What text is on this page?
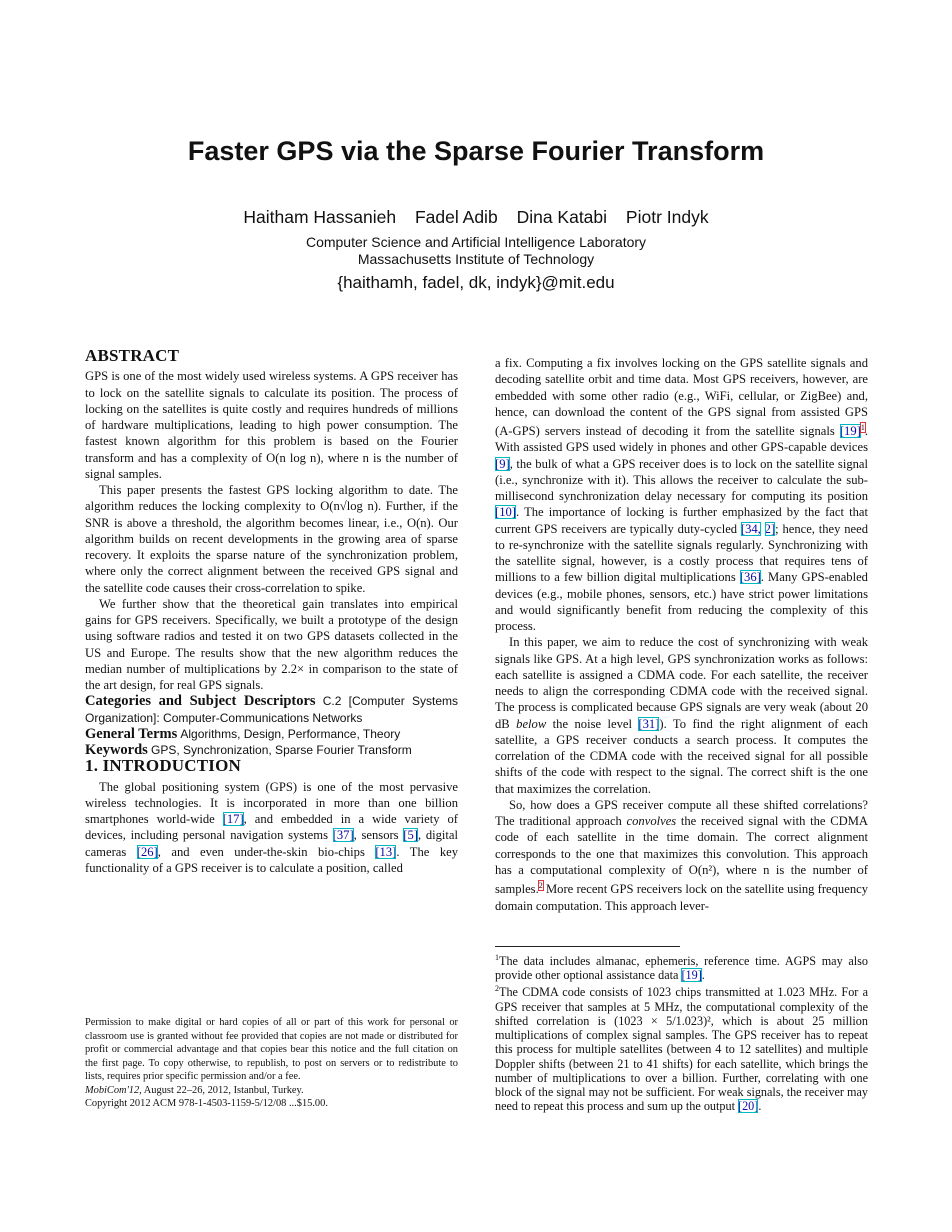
Faster GPS via the Sparse Fourier Transform
Haitham Hassanieh Fadel Adib Dina Katabi Piotr Indyk
Computer Science and Artificial Intelligence Laboratory
Massachusetts Institute of Technology
{haithamh, fadel, dk, indyk}@mit.edu
ABSTRACT

GPS is one of the most widely used wireless systems. A GPS receiver has to lock on the satellite signals to calculate its position. The process of locking on the satellites is quite costly and requires hundreds of millions of hardware multiplications, leading to high power consumption. The fastest known algorithm for this problem is based on the Fourier transform and has a complexity of O(n log n), where n is the number of signal samples.

This paper presents the fastest GPS locking algorithm to date. The algorithm reduces the locking complexity to O(n√log n). Further, if the SNR is above a threshold, the algorithm becomes linear, i.e., O(n). Our algorithm builds on recent developments in the growing area of sparse recovery. It exploits the sparse nature of the synchronization problem, where only the correct alignment between the received GPS signal and the satellite code causes their cross-correlation to spike.

We further show that the theoretical gain translates into empirical gains for GPS receivers. Specifically, we built a prototype of the design using software radios and tested it on two GPS datasets collected in the US and Europe. The results show that the new algorithm reduces the median number of multiplications by 2.2× in comparison to the state of the art design, for real GPS signals.

Categories and Subject Descriptors C.2 [Computer Systems Organization]: Computer-Communications Networks

General Terms Algorithms, Design, Performance, Theory

Keywords GPS, Synchronization, Sparse Fourier Transform

1. INTRODUCTION

The global positioning system (GPS) is one of the most pervasive wireless technologies. It is incorporated in more than one billion smartphones world-wide [17], and embedded in a wide variety of devices, including personal navigation systems [37], sensors [5], digital cameras [26], and even under-the-skin bio-chips [13]. The key functionality of a GPS receiver is to calculate a position, called

Permission to make digital or hard copies of all or part of this work for personal or classroom use is granted without fee provided that copies are not made or distributed for profit or commercial advantage and that copies bear this notice and the full citation on the first page. To copy otherwise, to republish, to post on servers or to redistribute to lists, requires prior specific permission and/or a fee.
MobiCom'12, August 22–26, 2012, Istanbul, Turkey.
Copyright 2012 ACM 978-1-4503-1159-5/12/08 ...$15.00.

a fix. Computing a fix involves locking on the GPS satellite signals and decoding satellite orbit and time data. Most GPS receivers, however, are embedded with some other radio (e.g., WiFi, cellular, or ZigBee) and, hence, can download the content of the GPS signal from assisted GPS (A-GPS) servers instead of decoding it from the satellite signals [19]$^1$. With assisted GPS used widely in phones and other GPS-capable devices [9], the bulk of what a GPS receiver does is to lock on the satellite signal (i.e., synchronize with it). This allows the receiver to calculate the sub-millisecond synchronization delay necessary for computing its position [10]. The importance of locking is further emphasized by the fact that current GPS receivers are typically duty-cycled [34, 2]; hence, they need to re-synchronize with the satellite signals regularly. Synchronizing with the satellite signal, however, is a costly process that requires tens of millions to a few billion digital multiplications [36]. Many GPS-enabled devices (e.g., mobile phones, sensors, etc.) have strict power limitations and would significantly benefit from reducing the complexity of this process.

In this paper, we aim to reduce the cost of synchronizing with weak signals like GPS. At a high level, GPS synchronization works as follows: each satellite is assigned a CDMA code. For each satellite, the receiver needs to align the corresponding CDMA code with the received signal. The process is complicated because GPS signals are very weak (about 20 dB below the noise level [31]). To find the right alignment of each satellite, a GPS receiver conducts a search process. It computes the correlation of the CDMA code with the received signal for all possible shifts of the code with respect to the signal. The correct shift is the one that maximizes the correlation.

So, how does a GPS receiver compute all these shifted correlations? The traditional approach convolves the received signal with the CDMA code of each satellite in the time domain. The correct alignment corresponds to the one that maximizes this convolution. This approach has a computational complexity of O(n²), where n is the number of samples.$^2$ More recent GPS receivers lock on the satellite using frequency domain computation. This approach lever-

$^1$The data includes almanac, ephemeris, reference time. AGPS may also provide other optional assistance data [19].

$^2$The CDMA code consists of 1023 chips transmitted at 1.023 MHz. For a GPS receiver that samples at 5 MHz, the computational complexity of the shifted correlation is (1023 × 5/1.023)², which is about 25 million multiplications of complex signal samples. The GPS receiver has to repeat this process for multiple satellites (between 4 to 12 satellites) and multiple Doppler shifts (between 21 to 41 shifts) for each satellite, which brings the number of multiplications to over a billion. Further, correlating with one block of the signal may not be sufficient. For weak signals, the receiver may need to repeat this process and sum up the output [20].
